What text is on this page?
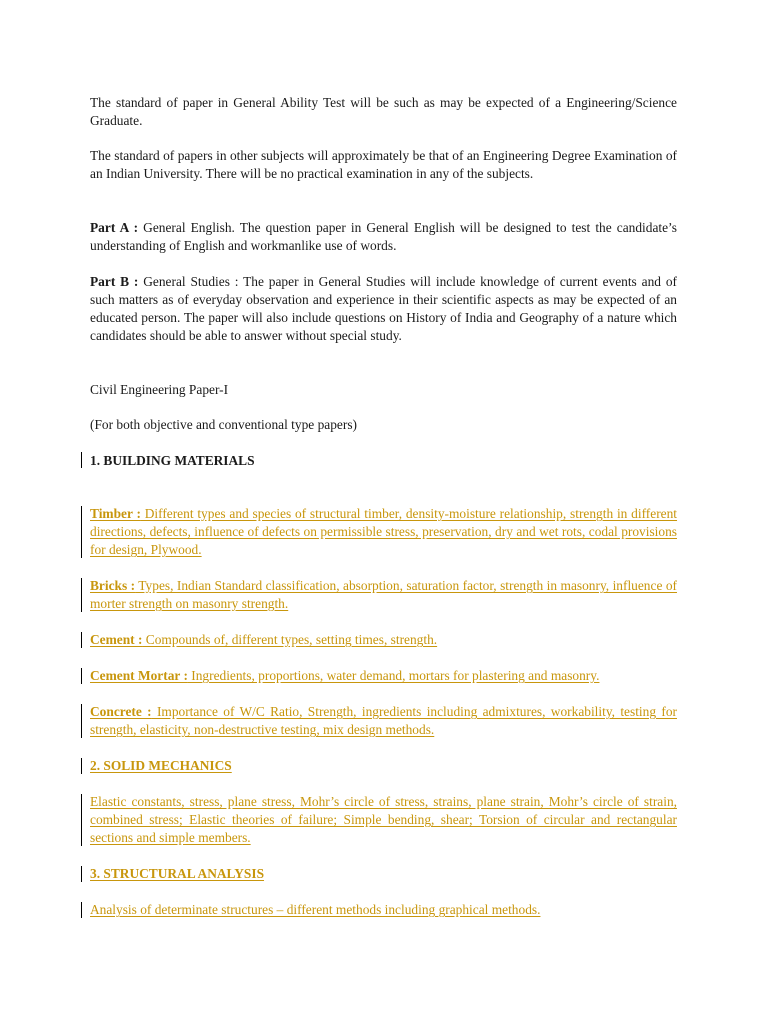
The standard of paper in General Ability Test will be such as may be expected of a Engineering/Science Graduate.

The standard of papers in other subjects will approximately be that of an Engineering Degree Examination of an Indian University. There will be no practical examination in any of the subjects.

Part A : General English. The question paper in General English will be designed to test the candidate’s understanding of English and workmanlike use of words.

Part B : General Studies : The paper in General Studies will include knowledge of current events and of such matters as of everyday observation and experience in their scientific aspects as may be expected of an educated person. The paper will also include questions on History of India and Geography of a nature which candidates should be able to answer without special study.

Civil Engineering Paper-I

(For both objective and conventional type papers)

1. BUILDING MATERIALS

Timber : Different types and species of structural timber, density-moisture relationship, strength in different directions, defects, influence of defects on permissible stress, preservation, dry and wet rots, codal provisions for design, Plywood.

Bricks : Types, Indian Standard classification, absorption, saturation factor, strength in masonry, influence of morter strength on masonry strength.

Cement : Compounds of, different types, setting times, strength.

Cement Mortar : Ingredients, proportions, water demand, mortars for plastering and masonry.

Concrete : Importance of W/C Ratio, Strength, ingredients including admixtures, workability, testing for strength, elasticity, non-destructive testing, mix design methods.

2. SOLID MECHANICS

Elastic constants, stress, plane stress, Mohr’s circle of stress, strains, plane strain, Mohr’s circle of strain, combined stress; Elastic theories of failure; Simple bending, shear; Torsion of circular and rectangular sections and simple members.

3. STRUCTURAL ANALYSIS

Analysis of determinate structures – different methods including graphical methods.
